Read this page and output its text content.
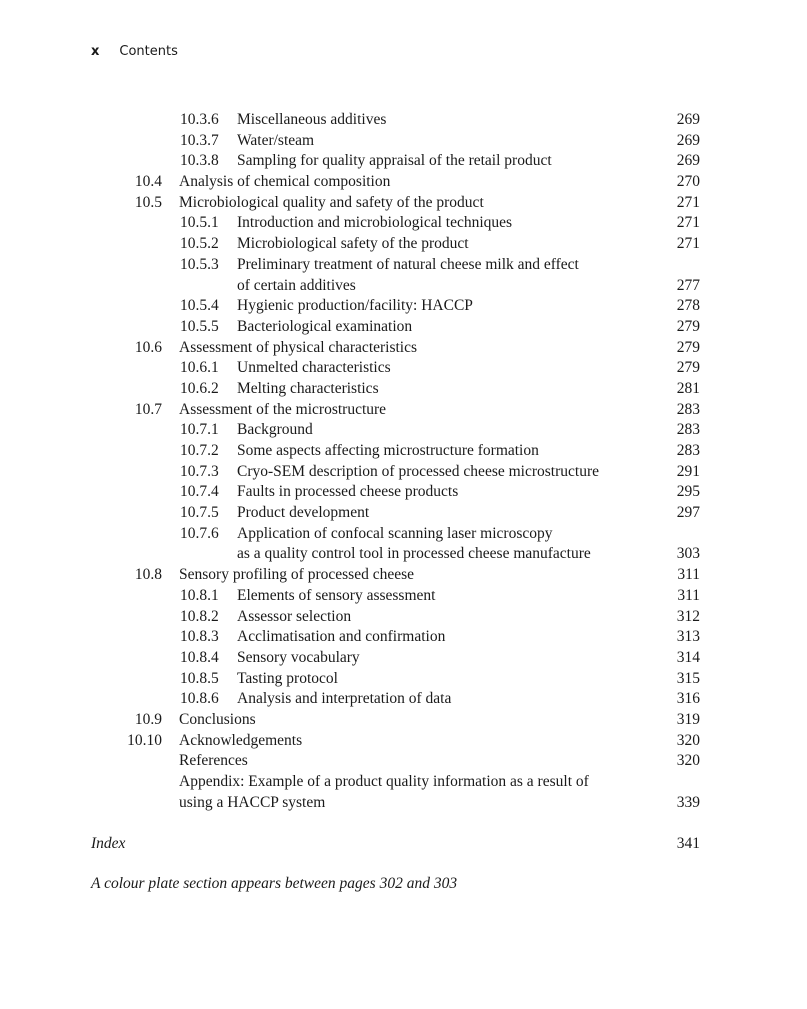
x Contents
10.3.6 Miscellaneous additives	269
10.3.7 Water/steam	269
10.3.8 Sampling for quality appraisal of the retail product	269
10.4 Analysis of chemical composition	270
10.5 Microbiological quality and safety of the product	271
10.5.1 Introduction and microbiological techniques	271
10.5.2 Microbiological safety of the product	271
10.5.3 Preliminary treatment of natural cheese milk and effect
of certain additives	277
10.5.4 Hygienic production/facility: HACCP	278
10.5.5 Bacteriological examination	279
10.6 Assessment of physical characteristics	279
10.6.1 Unmelted characteristics	279
10.6.2 Melting characteristics	281
10.7 Assessment of the microstructure	283
10.7.1 Background	283
10.7.2 Some aspects affecting microstructure formation	283
10.7.3 Cryo-SEM description of processed cheese microstructure	291
10.7.4 Faults in processed cheese products	295
10.7.5 Product development	297
10.7.6 Application of confocal scanning laser microscopy
as a quality control tool in processed cheese manufacture	303
10.8 Sensory profiling of processed cheese	311
10.8.1 Elements of sensory assessment	311
10.8.2 Assessor selection	312
10.8.3 Acclimatisation and confirmation	313
10.8.4 Sensory vocabulary	314
10.8.5 Tasting protocol	315
10.8.6 Analysis and interpretation of data	316
10.9 Conclusions	319
10.10 Acknowledgements	320
References	320
Appendix: Example of a product quality information as a result of
using a HACCP system	339
Index	341
A colour plate section appears between pages 302 and 303
